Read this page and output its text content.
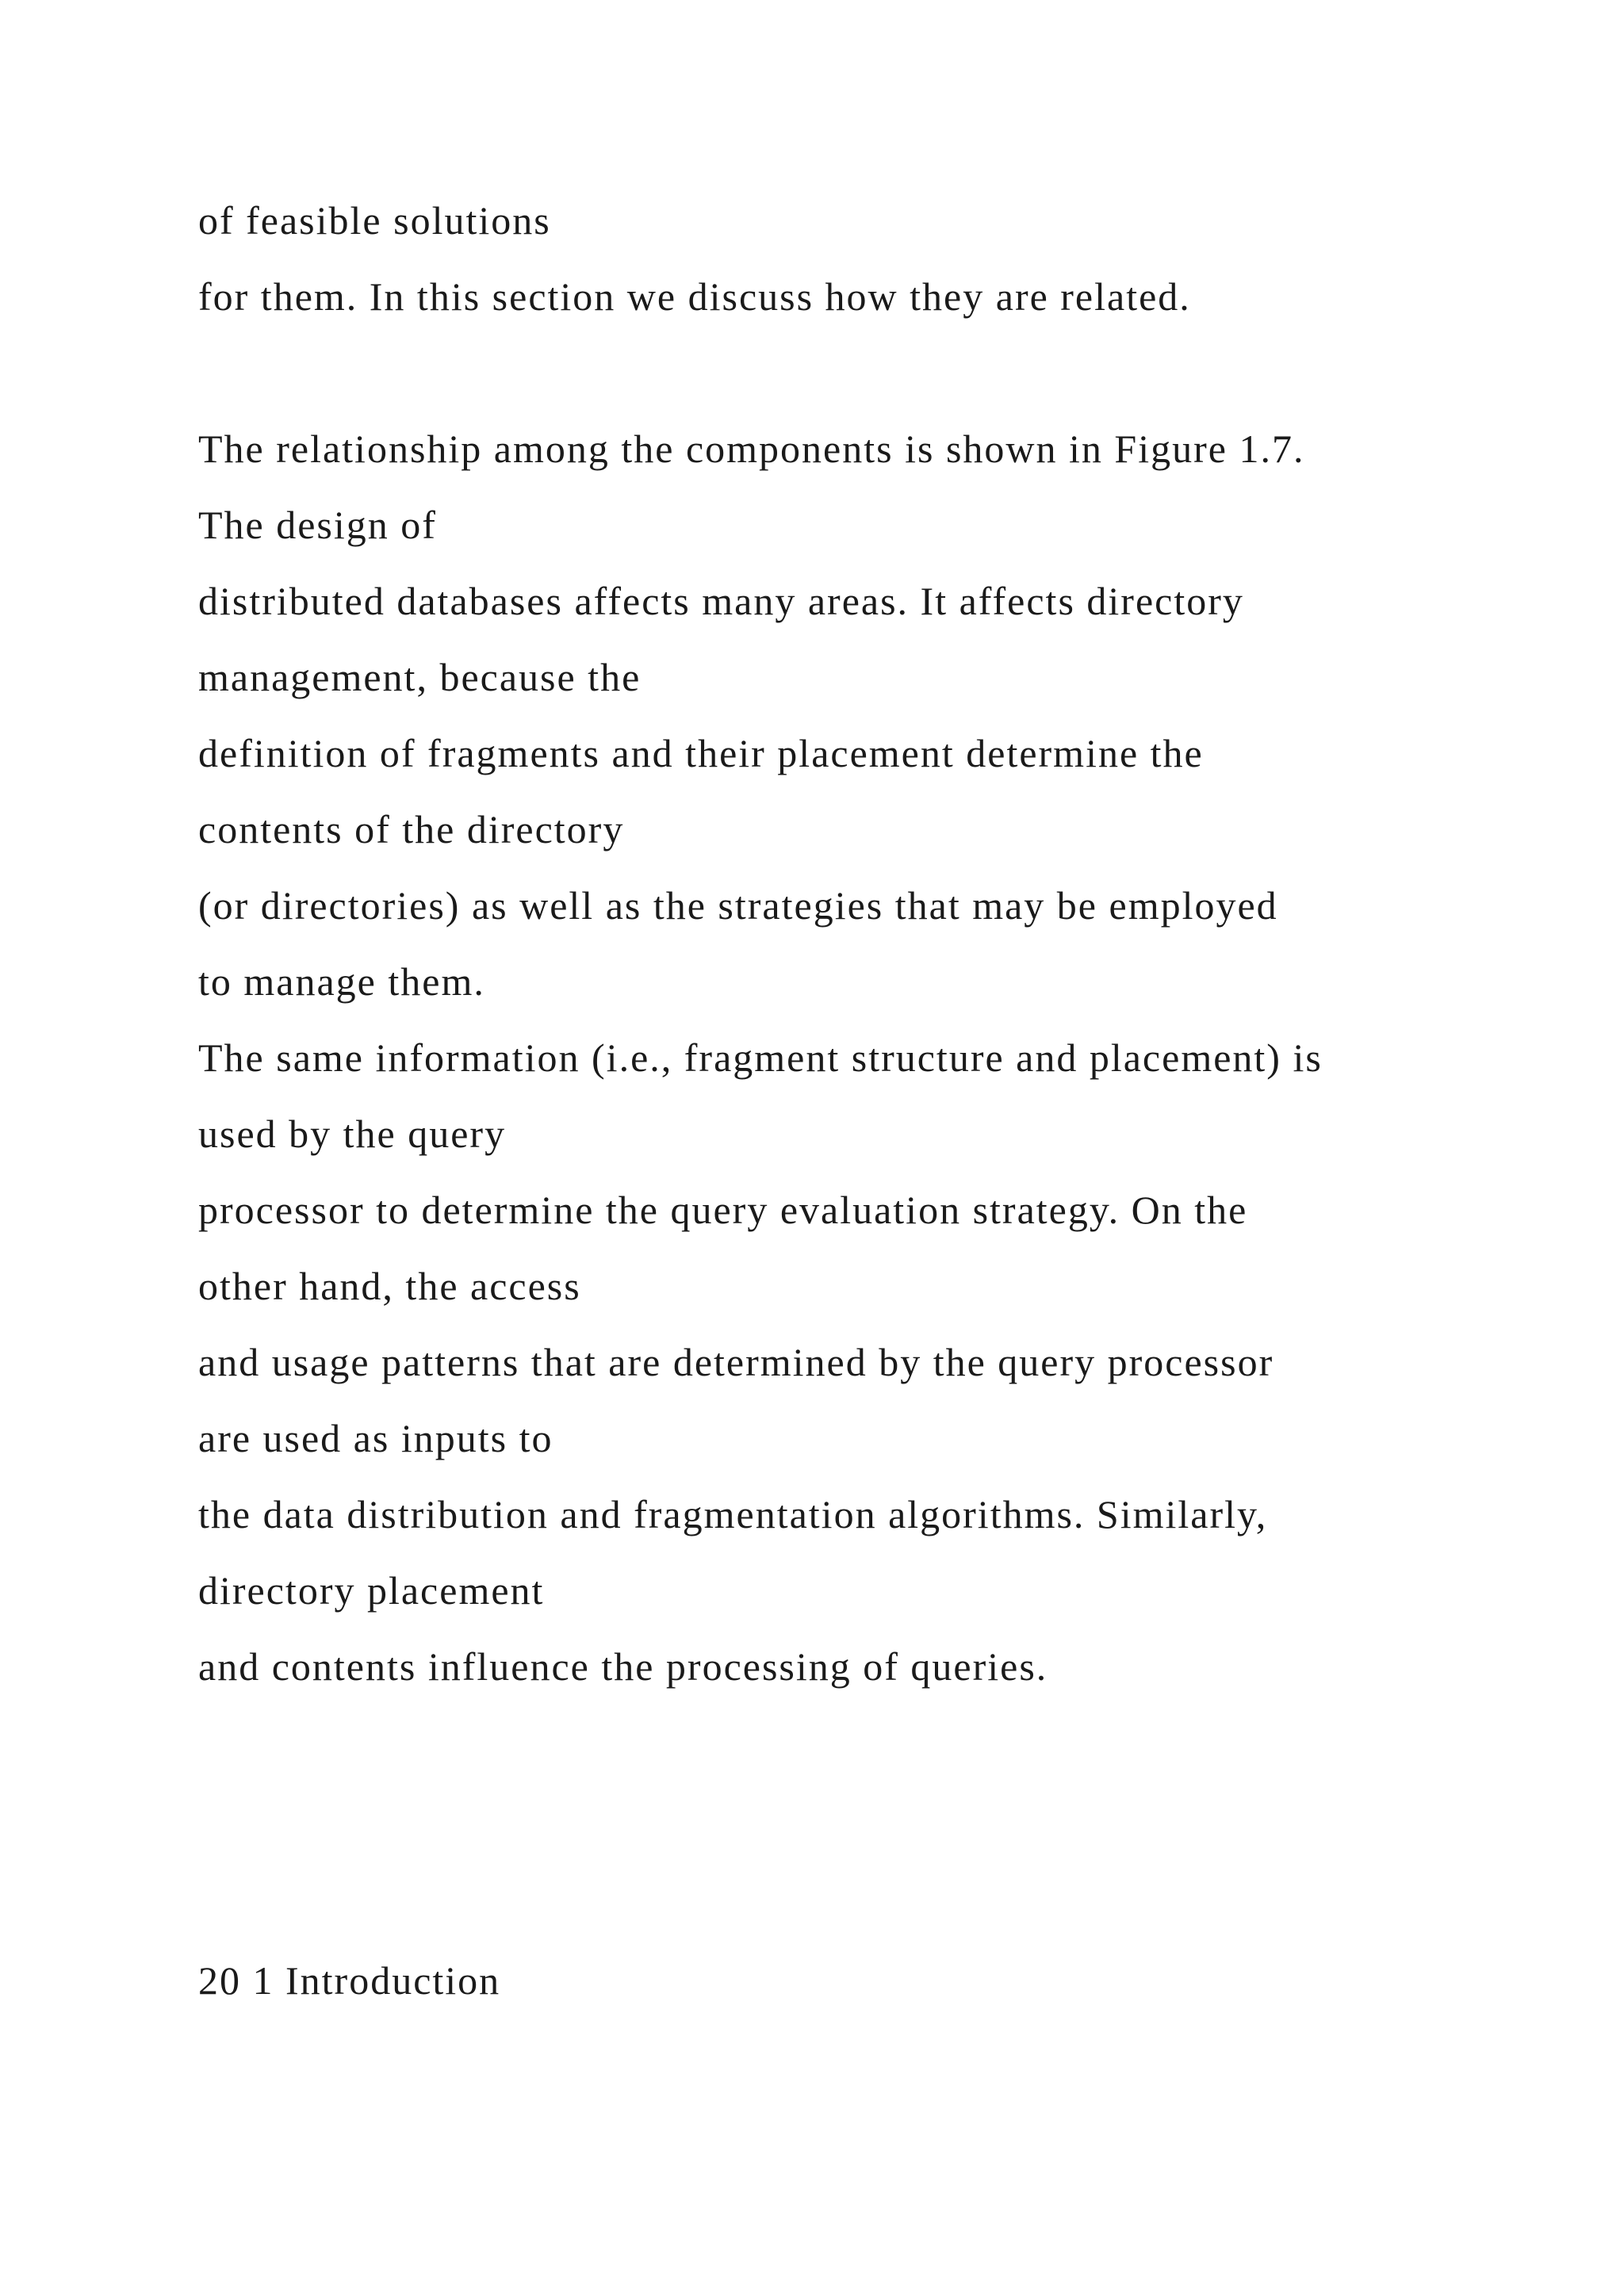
of feasible solutions
for them. In this section we discuss how they are related.
The relationship among the components is shown in Figure 1.7.
The design of
distributed databases affects many areas. It affects directory
management, because the
definition of fragments and their placement determine the
contents of the directory
(or directories) as well as the strategies that may be employed
to manage them.
The same information (i.e., fragment structure and placement) is
used by the query
processor to determine the query evaluation strategy. On the
other hand, the access
and usage patterns that are determined by the query processor
are used as inputs to
the data distribution and fragmentation algorithms. Similarly,
directory placement
and contents influence the processing of queries.
20 1 Introduction
